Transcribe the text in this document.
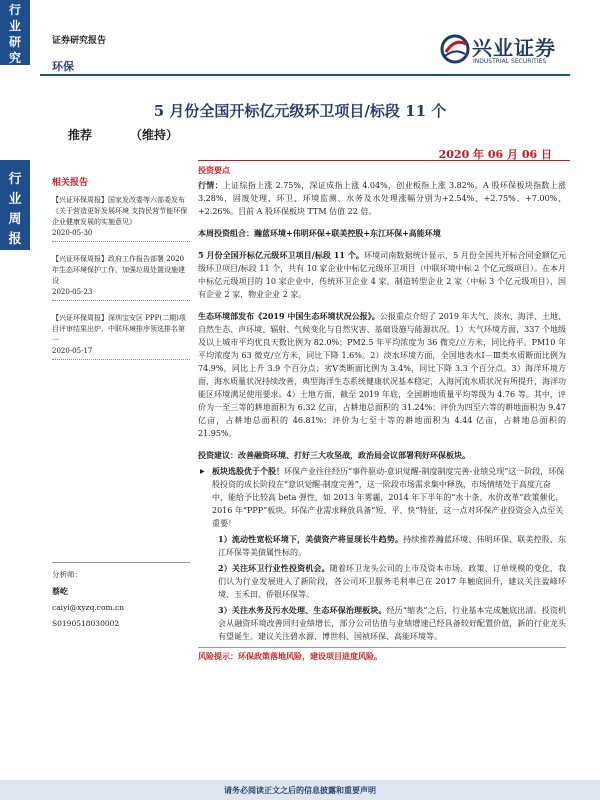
行
业
研
究
证券研究报告
环保
兴业证券
INDUSTRIAL SECURITIES
5 月份全国开标亿元级环卫项目/标段 11 个
推荐	（维持）
2020 年 06 月 06 日
行
业
周
报
相关报告
【兴证环保周报】国家发改委等六部委发布《关于营造更好发展环境 支持民营节能环保企业健康发展的实施意见》
2020-05-30
【兴证环保周报】政府工作报告部署 2020 年生态环境保护工作，加强垃圾处置设施建设
2020-05-23
【兴证环保周报】深圳宝安区 PPP(二期)项目评审结果出炉，中联环境排序领选排名第一
2020-05-17
分析师：
蔡屹
caiyi@xyzq.com.cn
S0190518030002
投资要点

行情：上证综指上涨 2.75%，深证成指上涨 4.04%，创业板指上涨 3.82%。A 股环保板块指数上涨 3.28%，固废处理、环卫、环境监测、水务及水处理涨幅分别为+2.54%、+2.75%、+7.00%、+2.26%。目前 A 股环保板块 TTM 估值 22 倍。

本周投资组合：瀚蓝环境+伟明环保+联美控股+东江环保+高能环境

5 月份全国开标亿元级环卫项目/标段 11 个。环境司南数据统计显示，5 月份全国共开标合同金额亿元级环卫项目/标段 11 个，共有 10 家企业中标亿元级环卫项目（中联环境中标 2 个亿元级项目）。在本月中标亿元级项目的 10 家企业中，传统环卫企业 4 家，制造转型企业 2 家（中标 3 个亿元级项目），国有企业 2 家，物业企业 2 家。

生态环境部发布《2019 中国生态环境状况公报》。公报重点介绍了 2019 年大气、淡水、海洋、土地、自然生态、声环境、辐射、气候变化与自然灾害、基础设施与能源状况。1）大气环境方面，337 个地级及以上城市平均优良天数比例为 82.0%；PM2.5 年平均浓度为 36 微克/立方米，同比持平。PM10 年平均浓度为 63 微克/立方米，同比下降 1.6%。2）淡水环境方面，全国地表水Ⅰ－Ⅲ类水质断面比例为 74.9%，同比上升 3.9 个百分点；劣Ⅴ类断面比例为 3.4%，同比下降 3.3 个百分点。3）海洋环境方面，海水质量状况持续改善，典型海洋生态系统健康状况基本稳定，入海河流水质状况有所提升，海洋功能区环境满足使用要求。4）土地方面，截至 2019 年底，全国耕地质量平均等级为 4.76 等。其中，评价为一至三等的耕地面积为 6.32 亿亩，占耕地总面积的 31.24%；评价为四至六等的耕地面积为 9.47 亿亩，占耕地总面积的 46.81%；评价为七至十等的耕地面积为 4.44 亿亩，占耕地总面积的 21.95%。

投资建议：改善融资环境、打好三大攻坚战，政治局会议部署利好环保板块。
▶ 板块选股优于个股！环保产业往往经历“事件驱动-意识觉醒-制度制度完善-业绩兑现”这一阶段，环保股投资的成长阶段在“意识觉醒-制度完善”，这一阶段市场需求集中释放，市场情绪处于高度亢奋中，能给予比较高 beta 弹性，如 2013 年雾霾，2014 年下半年的“水十条、水价改革”政策催化，2016 年“PPP”板块。环保产业需求释放具备“短、平、快”特征，这一点对环保产业投资会入点至关重要！
1）流动性宽松环境下，美债资产将显现长牛趋势。持续推荐瀚蓝环境、伟明环保、联美控股、东江环保等美债属性标的。
2）关注环卫行业性投资机会。随着环卫龙头公司的上市及资本市场、政策、订单规模的变化，我们认为行业发展进入了新阶段，各公司环卫服务毛利率已在 2017 年触底回升，建议关注盈峰环境、玉禾田、侨银环保等。
3）关注水务及污水处理、生态环保治理板块。经历“缩表”之后，行业基本完成触底出清。投资机会从融资环境改善回归业绩增长，部分公司估值与业绩增速已经具备较好配置价值，新的行业龙头有望诞生。建议关注碧水源、博世科、国祯环保、高能环境等。
风险提示：环保政策落地风险，建设项目进度风险。
请务必阅读正文之后的信息披露和重要声明
